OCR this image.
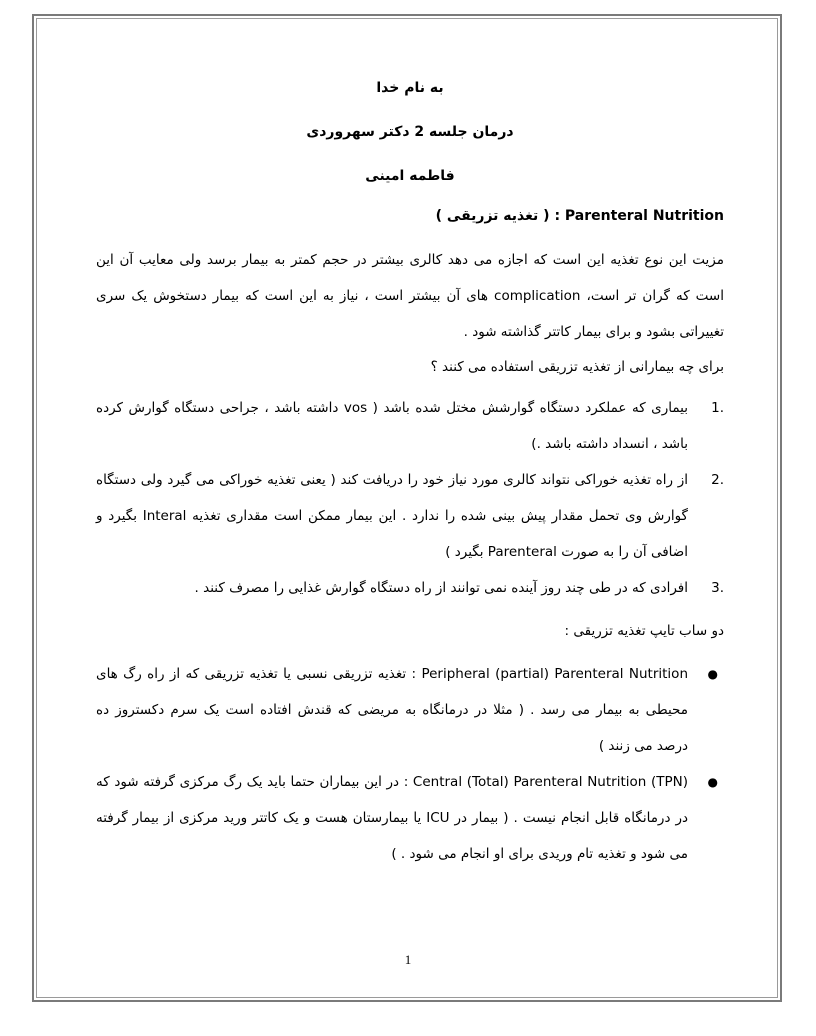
به نام خدا

درمان جلسه 2 دکتر سهروردی

فاطمه امینی

Parenteral Nutrition : ( تغذیه تزریقی )

مزیت این نوع تغذیه این است که اجازه می دهد کالری بیشتر در حجم کمتر به بیمار برسد ولی معایب آن این است که گران تر است، complication های آن بیشتر است ، نیاز به این است که بیمار دستخوش یک سری تغییراتی بشود و برای بیمار کاتتر گذاشته شود .

برای چه بیمارانی از تغذیه تزریقی استفاده می کنند ؟

1.
بیماری که عملکرد دستگاه گوارشش مختل شده باشد ( vos داشته باشد ، جراحی دستگاه گوارش کرده باشد ، انسداد داشته باشد .)
2.
از راه تغذیه خوراکی نتواند کالری مورد نیاز خود را دریافت کند ( یعنی تغذیه خوراکی می گیرد ولی دستگاه گوارش وی تحمل مقدار پیش بینی شده را ندارد . این بیمار ممکن است مقداری تغذیه Interal بگیرد و اضافی آن را به صورت Parenteral بگیرد )
3.
افرادی که در طی چند روز آینده نمی توانند از راه دستگاه گوارش غذایی را مصرف کنند .

دو ساب تایپ تغذیه تزریقی :

●
Peripheral (partial) Parenteral Nutrition : تغذیه تزریقی نسبی یا تغذیه تزریقی که از راه رگ های محیطی به بیمار می رسد . ( مثلا در درمانگاه به مریضی که قندش افتاده است یک سرم دکستروز ده درصد می زنند )
●
Central (Total) Parenteral Nutrition (TPN) : در این بیماران حتما باید یک رگ مرکزی گرفته شود که در درمانگاه قابل انجام نیست . ( بیمار در ICU یا بیمارستان هست و یک کاتتر ورید مرکزی از بیمار گرفته می شود و تغذیه تام وریدی برای او انجام می شود . )
1
